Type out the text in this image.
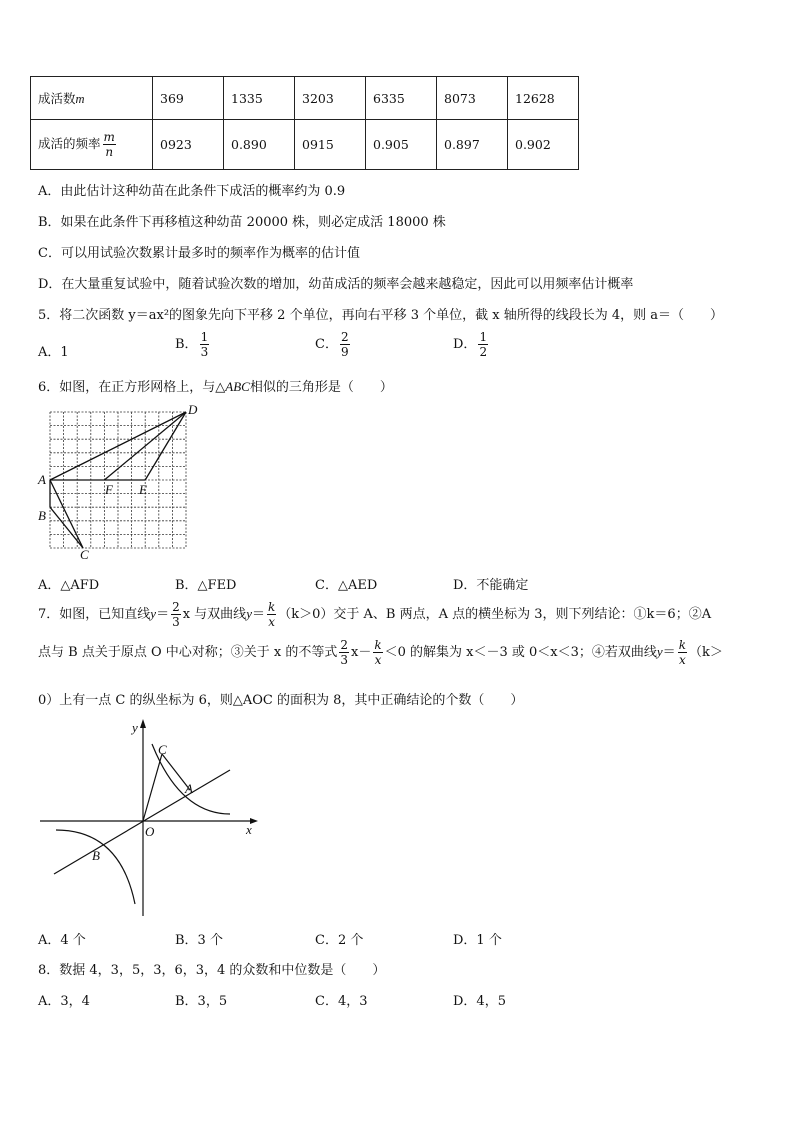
成活数m	369	1335	3203	6335	8073	12628
成活的频率 $\frac{m}{n}$	0923	0.890	0915	0.905	0.897	0.902
A．由此估计这种幼苗在此条件下成活的概率约为 0.9
B．如果在此条件下再移植这种幼苗 20000 株，则必定成活 18000 株
C．可以用试验次数累计最多时的频率作为概率的估计值
D．在大量重复试验中，随着试验次数的增加，幼苗成活的频率会越来越稳定，因此可以用频率估计概率
5．将二次函数 y＝ax²的图象先向下平移 2 个单位，再向右平移 3 个单位，截 x 轴所得的线段长为 4，则 a＝（　　）
A．1
B． $\frac{1}{3}$	C． $\frac{2}{9}$	D． $\frac{1}{2}$
6．如图，在正方形网格上，与△ABC相似的三角形是（　　）
A
B
C
D
E
F
A．△AFD	B．△FED	C．△AED	D．不能确定
7．如图，已知直线$y= \frac{2}{3}$ x 与双曲线$y= \frac{k}{x} (k>0)$交于 A、B 两点，A 点的横坐标为 3，则下列结论：①k＝6；②A
点与 B 点关于原点 O 中心对称；③关于 x 的不等式 $\frac{2}{3} x- \frac{k}{x} <0$ 的解集为 x＜－3 或 0＜x＜3；④若双曲线$y= \frac{k}{x} (k>$
0）上有一点 C 的纵坐标为 6，则△AOC 的面积为 8，其中正确结论的个数（　　）
y
x
O
A
B
C
A．4 个	B．3 个	C．2 个	D．1 个
8．数据 4，3，5，3，6，3，4 的众数和中位数是（　　）
A．3，4	B．3，5	C．4，3	D．4，5
